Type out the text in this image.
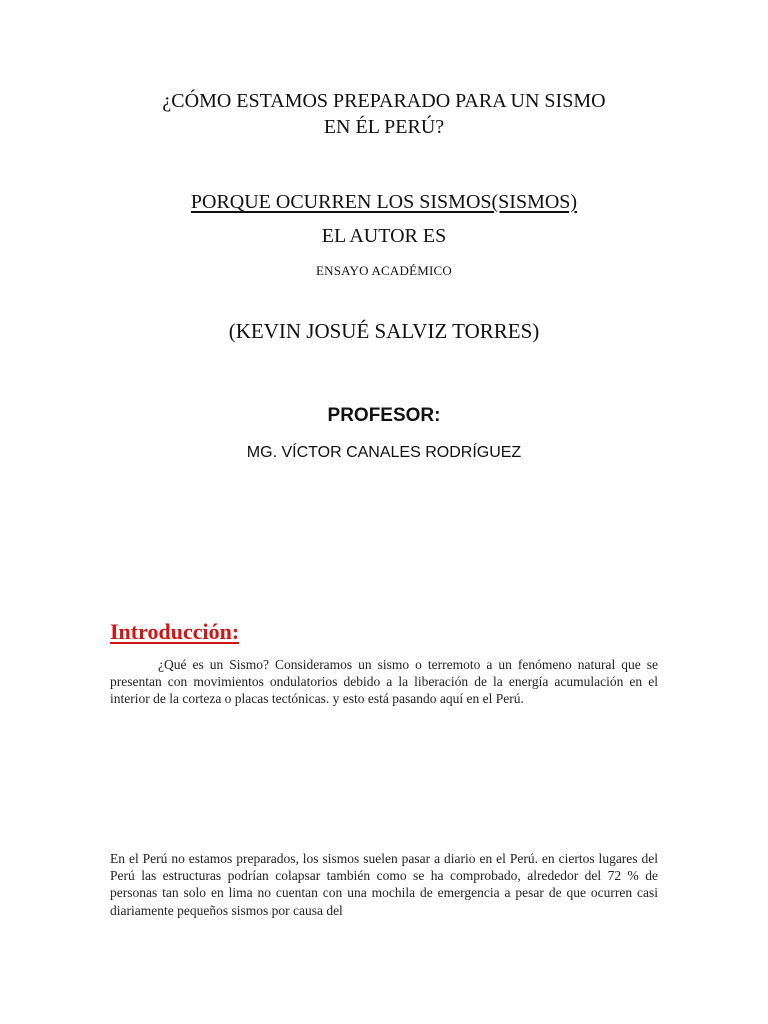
¿CÓMO ESTAMOS PREPARADO PARA UN SISMO
EN ÉL PERÚ?
PORQUE OCURREN LOS SISMOS(SISMOS)
EL AUTOR ES
ENSAYO ACADÉMICO
(KEVIN JOSUÉ SALVIZ TORRES)
PROFESOR:
MG. VÍCTOR CANALES RODRÍGUEZ
Introducción:
¿Qué es un Sismo? Consideramos un sismo o terremoto a un fenómeno natural que se presentan con movimientos ondulatorios debido a la liberación de la energía acumulación en el interior de la corteza o placas tectónicas. y esto está pasando aquí en el Perú.
En el Perú no estamos preparados, los sismos suelen pasar a diario en el Perú. en ciertos lugares del Perú las estructuras podrían colapsar también como se ha comprobado, alrededor del 72 % de personas tan solo en lima no cuentan con una mochila de emergencia a pesar de que ocurren casi diariamente pequeños sismos por causa del
